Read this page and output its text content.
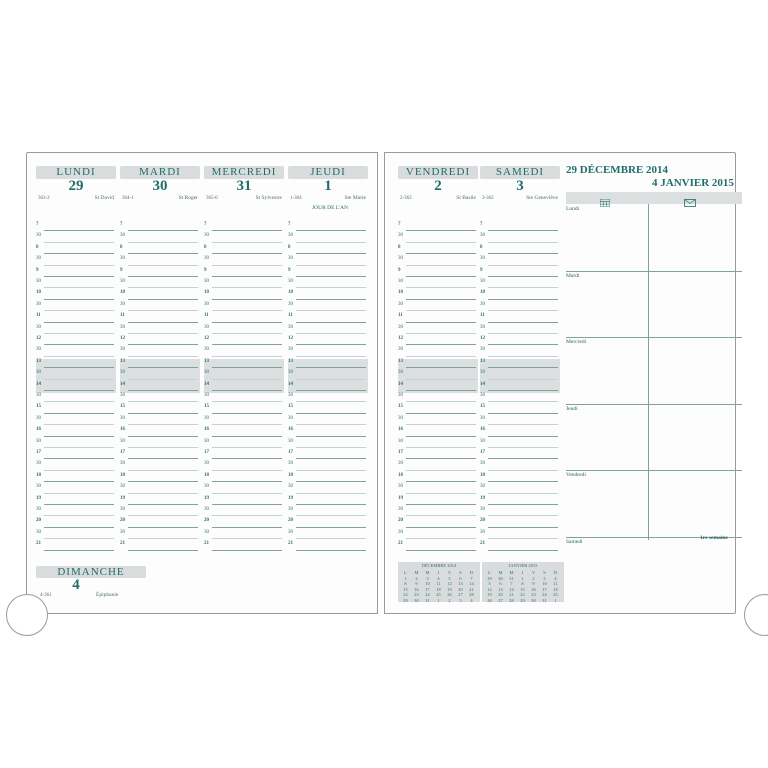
LUNDI
29
363-2	St David
7
30
8
30
9
30
10
30
11
30
12
30
13
30
14
30
15
30
16
30
17
30
18
30
19
30
20
30
21
MARDI
30
364-1	St Roger
7
30
8
30
9
30
10
30
11
30
12
30
13
30
14
30
15
30
16
30
17
30
18
30
19
30
20
30
21
MERCREDI
31
365-0	St Sylvestre
7
30
8
30
9
30
10
30
11
30
12
30
13
30
14
30
15
30
16
30
17
30
18
30
19
30
20
30
21
JEUDI
1
1-364	Ste Marie
JOUR DE L'AN
7
30
8
30
9
30
10
30
11
30
12
30
13
30
14
30
15
30
16
30
17
30
18
30
19
30
20
30
21
VENDREDI
2
2-363	St Basile
7
30
8
30
9
30
10
30
11
30
12
30
13
30
14
30
15
30
16
30
17
30
18
30
19
30
20
30
21
SAMEDI
3
3-362	Ste Geneviève
7
30
8
30
9
30
10
30
11
30
12
30
13
30
14
30
15
30
16
30
17
30
18
30
19
30
20
30
21
29 DÉCEMBRE 2014
4 JANVIER 2015
Lundi
Mardi
Mercredi
Jeudi
Vendredi
Samedi
1re semaine
DIMANCHE
4
4-361	Épiphanie
DÉCEMBRE 2014
L M M J V S D
1 2 3 4 5 6 7
8 9 10 11 12 13 14
15 16 17 18 19 20 21
22 23 24 25 26 27 28
29 30 31 1 2 3 4
JANVIER 2015
L M M J V S D
29 30 31 1 2 3 4
5 6 7 8 9 10 11
12 13 14 15 16 17 18
19 20 21 22 23 24 25
26 27 28 29 30 31 1
